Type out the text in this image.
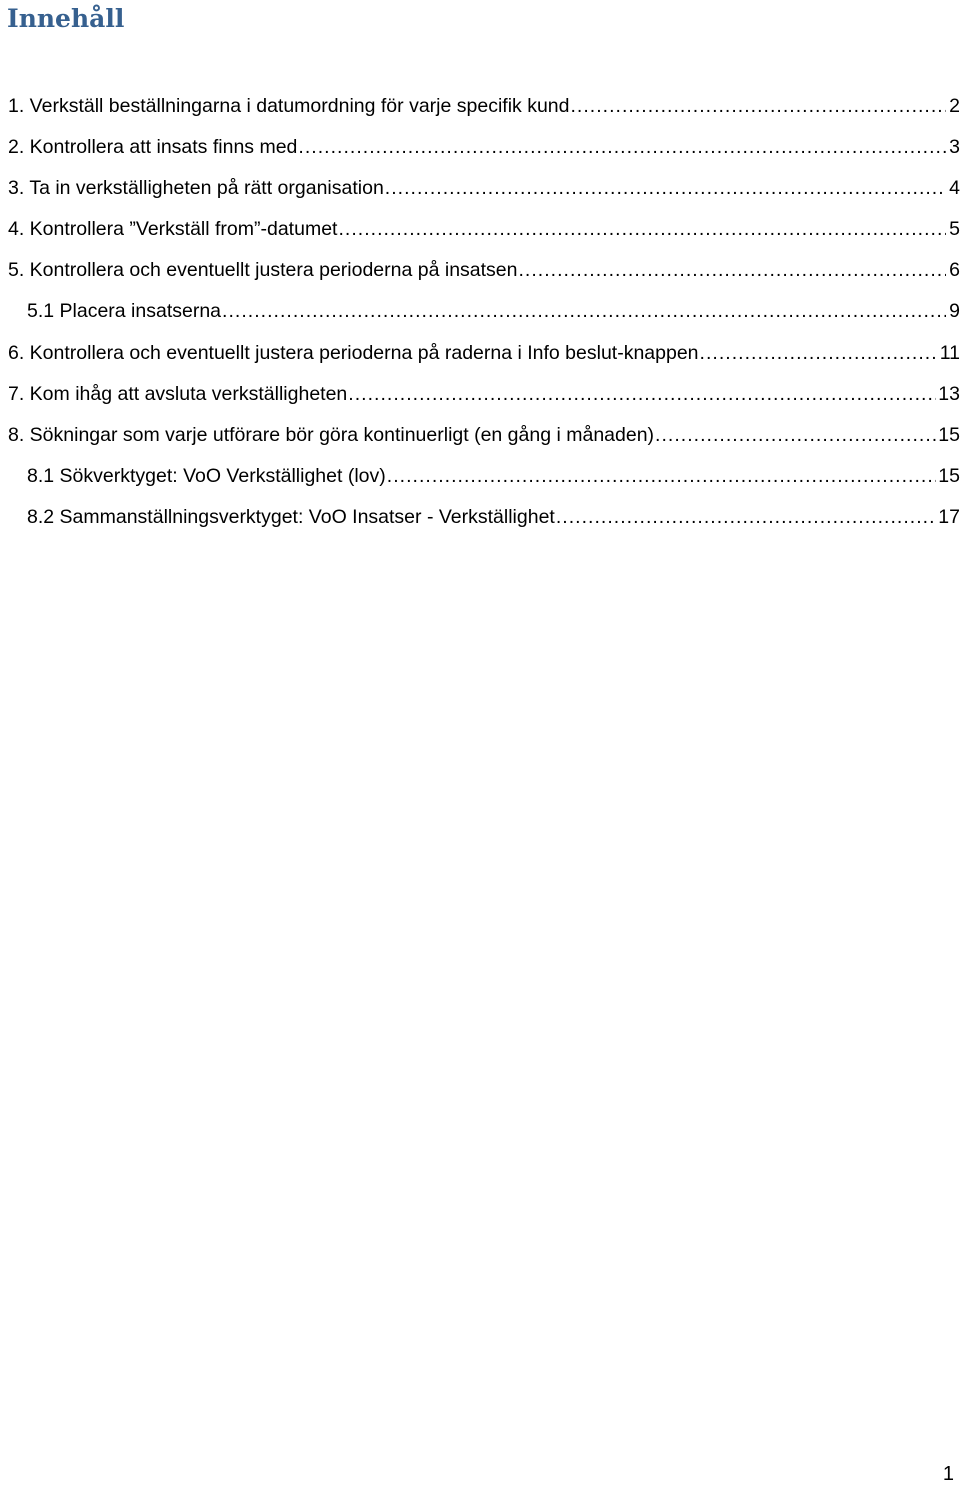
Innehåll
1. Verkställ beställningarna i datumordning för varje specifik kund . . .	2
2. Kontrollera att insats finns med . . .	3
3. Ta in verkställigheten på rätt organisation . . .	4
4. Kontrollera ”Verkställ from”-datumet . . .	5
5. Kontrollera och eventuellt justera perioderna på insatsen . . .	6
5.1 Placera insatserna . . .	9
6. Kontrollera och eventuellt justera perioderna på raderna i Info beslut-knappen . . .	11
7. Kom ihåg att avsluta verkställigheten . . .	13
8. Sökningar som varje utförare bör göra kontinuerligt (en gång i månaden) . . .	15
8.1 Sökverktyget: VoO Verkställighet (lov) . . .	15
8.2 Sammanställningsverktyget: VoO Insatser - Verkställighet . . .	17
1
